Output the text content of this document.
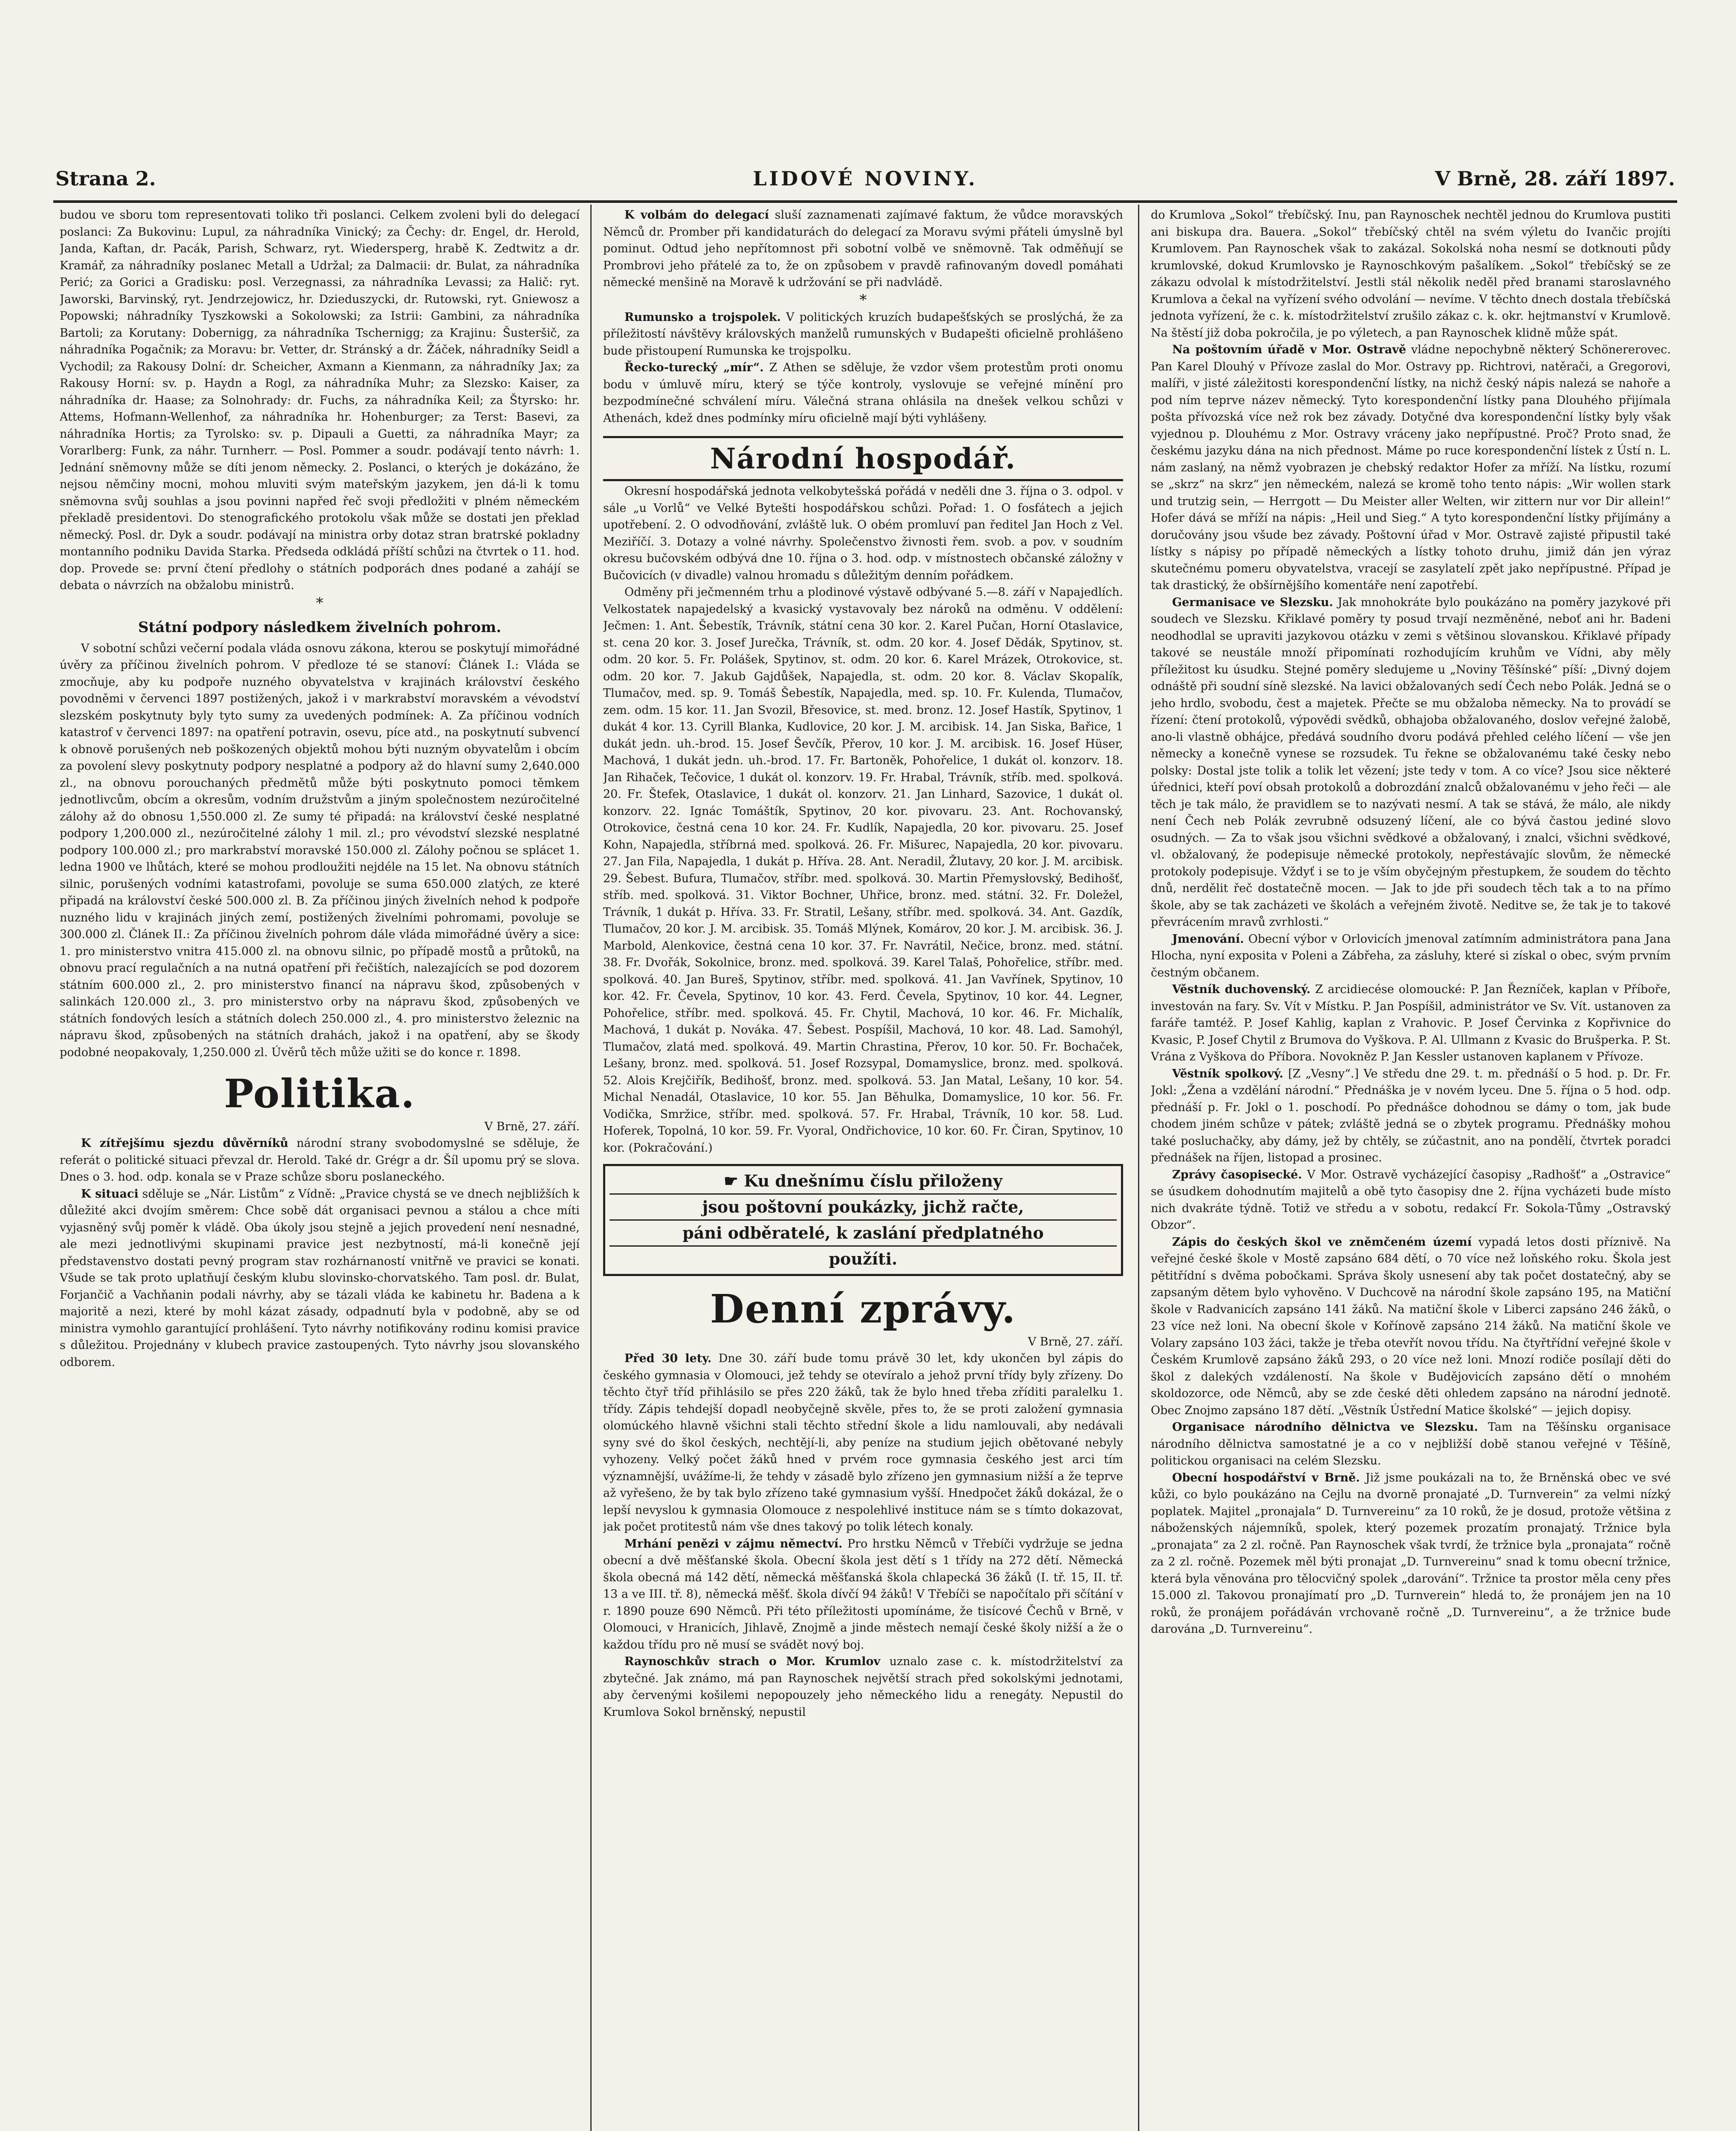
Strana 2.	LIDOVÉ NOVINY.	V Brně, 28. září 1897.

budou ve sboru tom representovati toliko tři poslanci. Celkem zvoleni byli do delegací poslanci: Za Bukovinu: Lupul, za náhradníka Vinický; za Čechy: dr. Engel, dr. Herold, Janda, Kaftan, dr. Pacák, Parish, Schwarz, ryt. Wiedersperg, hrabě K. Zedtwitz a dr. Kramář, za náhradníky poslanec Metall a Udržal; za Dalmacii: dr. Bulat, za náhradníka Perić; za Gorici a Gradisku: posl. Verzegnassi, za náhradníka Levassi; za Halič: ryt. Jaworski, Barvinský, ryt. Jendrzejowicz, hr. Dzieduszycki, dr. Rutowski, ryt. Gniewosz a Popowski; náhradníky Tyszkowski a Sokolowski; za Istrii: Gambini, za náhradníka Bartoli; za Korutany: Dobernigg, za náhradníka Tschernigg; za Krajinu: Šusteršič, za náhradníka Pogačnik; za Moravu: br. Vetter, dr. Stránský a dr. Žáček, náhradníky Seidl a Vychodil; za Rakousy Dolní: dr. Scheicher, Axmann a Kienmann, za náhradníky Jax; za Rakousy Horní: sv. p. Haydn a Rogl, za náhradníka Muhr; za Slezsko: Kaiser, za náhradníka dr. Haase; za Solnohrady: dr. Fuchs, za náhradníka Keil; za Štyrsko: hr. Attems, Hofmann-Wellenhof, za náhradníka hr. Hohenburger; za Terst: Basevi, za náhradníka Hortis; za Tyrolsko: sv. p. Dipauli a Guetti, za náhradníka Mayr; za Vorarlberg: Funk, za náhr. Turnherr. — Posl. Pommer a soudr. podávají tento návrh: 1. Jednání sněmovny může se díti jenom německy. 2. Poslanci, o kterých je dokázáno, že nejsou němčiny mocni, mohou mluviti svým mateřským jazykem, jen dá-li k tomu sněmovna svůj souhlas a jsou povinni napřed řeč svoji předložiti v plném německém překladě presidentovi. Do stenografického protokolu však může se dostati jen překlad německý. Posl. dr. Dyk a soudr. podávají na ministra orby dotaz stran bratrské pokladny montanního podniku Davida Starka. Předseda odkládá příští schůzi na čtvrtek o 11. hod. dop. Provede se: první čtení předlohy o státních podporách dnes podané a zahájí se debata o návrzích na obžalobu ministrů.

*
Státní podpory následkem živelních pohrom.

V sobotní schůzi večerní podala vláda osnovu zákona, kterou se poskytují mimořádné úvěry za příčinou živelních pohrom. V předloze té se stanoví: Článek I.: Vláda se zmocňuje, aby ku podpoře nuzného obyvatelstva v krajinách království českého povodněmi v červenci 1897 postižených, jakož i v markrabství moravském a vévodství slezském poskytnuty byly tyto sumy za uvedených podmínek: A. Za příčinou vodních katastrof v červenci 1897: na opatření potravin, osevu, píce atd., na poskytnutí subvencí k obnově porušených neb poškozených objektů mohou býti nuzným obyvatelům i obcím za povolení slevy poskytnuty podpory nesplatné a podpory až do hlavní sumy 2,640.000 zl., na obnovu porouchaných předmětů může býti poskytnuto pomoci těmkem jednotlivcům, obcím a okresům, vodním družstvům a jiným společnostem nezúročitelné zálohy až do obnosu 1,550.000 zl. Ze sumy té připadá: na království české nesplatné podpory 1,200.000 zl., nezúročitelné zálohy 1 mil. zl.; pro vévodství slezské nesplatné podpory 100.000 zl.; pro markrabství moravské 150.000 zl. Zálohy počnou se splácet 1. ledna 1900 ve lhůtách, které se mohou prodloužiti nejdéle na 15 let. Na obnovu státních silnic, porušených vodními katastrofami, povoluje se suma 650.000 zlatých, ze které připadá na království české 500.000 zl. B. Za příčinou jiných živelních nehod k podpoře nuzného lidu v krajinách jiných zemí, postižených živelními pohromami, povoluje se 300.000 zl. Článek II.: Za příčinou živelních pohrom dále vláda mimořádné úvěry a sice: 1. pro ministerstvo vnitra 415.000 zl. na obnovu silnic, po případě mostů a průtoků, na obnovu prací regulačních a na nutná opatření při řečištích, nalezajících se pod dozorem státním 600.000 zl., 2. pro ministerstvo financí na nápravu škod, způsobených v salinkách 120.000 zl., 3. pro ministerstvo orby na nápravu škod, způsobených ve státních fondových lesích a státních dolech 250.000 zl., 4. pro ministerstvo železnic na nápravu škod, způsobených na státních drahách, jakož i na opatření, aby se škody podobné neopakovaly, 1,250.000 zl. Úvěrů těch může užiti se do konce r. 1898.

Politika.
V Brně, 27. září.

K zítřejšímu sjezdu důvěrníků národní strany svobodomyslné se sděluje, že referát o politické situaci převzal dr. Herold. Také dr. Grégr a dr. Šíl upomu prý se slova. Dnes o 3. hod. odp. konala se v Praze schůze sboru poslaneckého.

K situaci sděluje se „Nár. Listům“ z Vídně: „Pravice chystá se ve dnech nejbližších k důležité akci dvojím směrem: Chce sobě dát organisaci pevnou a stálou a chce míti vyjasněný svůj poměr k vládě. Oba úkoly jsou stejně a jejich provedení není nesnadné, ale mezi jednotlivými skupinami pravice jest nezbytností, má-li konečně její představenstvo dostati pevný program stav rozhárnaností vnitřně ve pravici se konati. Všude se tak proto uplatňují českým klubu slovinsko-chorvatského. Tam posl. dr. Bulat, Forjančič a Vachňanin podali návrhy, aby se tázali vláda ke kabinetu hr. Badena a k majoritě a nezi, které by mohl kázat zásady, odpadnutí byla v podobně, aby se od ministra vymohlo garantující prohlášení. Tyto návrhy notifikovány rodinu komisi pravice s důležitou. Projednány v klubech pravice zastoupených. Tyto návrhy jsou slovanského odborem.

K volbám do delegací sluší zaznamenati zajímavé faktum, že vůdce moravských Němců dr. Promber při kandidaturách do delegací za Moravu svými přáteli úmyslně byl pominut. Odtud jeho nepřítomnost při sobotní volbě ve sněmovně. Tak odměňují se Prombrovi jeho přátelé za to, že on způsobem v pravdě rafinovaným dovedl pomáhati německé menšině na Moravě k udržování se při nadvládě.

*

Rumunsko a trojspolek. V politických kruzích budapešťských se proslýchá, že za příležitostí návštěvy královských manželů rumunských v Budapešti oficielně prohlášeno bude přistoupení Rumunska ke trojspolku.

Řecko-turecký „mír“. Z Athen se sděluje, že vzdor všem protestům proti onomu bodu v úmluvě míru, který se týče kontroly, vyslovuje se veřejné mínění pro bezpodmínečné schválení míru. Válečná strana ohlásila na dnešek velkou schůzi v Athenách, kdež dnes podmínky míru oficielně mají býti vyhlášeny.

Národní hospodář.

Okresní hospodářská jednota velkobytešská pořádá v neděli dne 3. října o 3. odpol. v sále „u Vorlů“ ve Velké Bytešti hospodářskou schůzi. Pořad: 1. O fosfátech a jejich upotřebení. 2. O odvodňování, zvláště luk. O obém promluví pan ředitel Jan Hoch z Vel. Meziříčí. 3. Dotazy a volné návrhy. Společenstvo živnosti řem. svob. a pov. v soudním okresu bučovském odbývá dne 10. října o 3. hod. odp. v místnostech občanské záložny v Bučovicích (v divadle) valnou hromadu s důležitým denním pořádkem.

Odměny při ječmenném trhu a plodinové výstavě odbývané 5.—8. září v Napajedlích. Velkostatek napajedelský a kvasický vystavovaly bez nároků na odměnu. V oddělení: Ječmen: 1. Ant. Šebestík, Trávník, státní cena 30 kor. 2. Karel Pučan, Horní Otaslavice, st. cena 20 kor. 3. Josef Jurečka, Trávník, st. odm. 20 kor. 4. Josef Dědák, Spytinov, st. odm. 20 kor. 5. Fr. Polášek, Spytinov, st. odm. 20 kor. 6. Karel Mrázek, Otrokovice, st. odm. 20 kor. 7. Jakub Gajdůšek, Napajedla, st. odm. 20 kor. 8. Václav Skopalík, Tlumačov, med. sp. 9. Tomáš Šebestík, Napajedla, med. sp. 10. Fr. Kulenda, Tlumačov, zem. odm. 15 kor. 11. Jan Svozil, Břesovice, st. med. bronz. 12. Josef Hastík, Spytinov, 1 dukát 4 kor. 13. Cyrill Blanka, Kudlovice, 20 kor. J. M. arcibisk. 14. Jan Siska, Bařice, 1 dukát jedn. uh.-brod. 15. Josef Ševčík, Přerov, 10 kor. J. M. arcibisk. 16. Josef Hüser, Machová, 1 dukát jedn. uh.-brod. 17. Fr. Bartoněk, Pohořelice, 1 dukát ol. konzorv. 18. Jan Rihaček, Tečovice, 1 dukát ol. konzorv. 19. Fr. Hrabal, Trávník, stříb. med. spolková. 20. Fr. Štefek, Otaslavice, 1 dukát ol. konzorv. 21. Jan Linhard, Sazovice, 1 dukát ol. konzorv. 22. Ignác Tomáštík, Spytinov, 20 kor. pivovaru. 23. Ant. Rochovanský, Otrokovice, čestná cena 10 kor. 24. Fr. Kudlík, Napajedla, 20 kor. pivovaru. 25. Josef Kohn, Napajedla, stříbrná med. spolková. 26. Fr. Mišurec, Napajedla, 20 kor. pivovaru. 27. Jan Fila, Napajedla, 1 dukát p. Hříva. 28. Ant. Neradil, Žlutavy, 20 kor. J. M. arcibisk. 29. Šebest. Bufura, Tlumačov, stříbr. med. spolková. 30. Martin Přemysłovský, Bedihošť, stříb. med. spolková. 31. Viktor Bochner, Uhřice, bronz. med. státní. 32. Fr. Doležel, Trávník, 1 dukát p. Hříva. 33. Fr. Stratil, Lešany, stříbr. med. spolková. 34. Ant. Gazdík, Tlumačov, 20 kor. J. M. arcibisk. 35. Tomáš Mlýnek, Komárov, 20 kor. J. M. arcibisk. 36. J. Marbold, Alenkovice, čestná cena 10 kor. 37. Fr. Navrátil, Nečice, bronz. med. státní. 38. Fr. Dvořák, Sokolnice, bronz. med. spolková. 39. Karel Talaš, Pohořelice, stříbr. med. spolková. 40. Jan Bureš, Spytinov, stříbr. med. spolková. 41. Jan Vavřínek, Spytinov, 10 kor. 42. Fr. Čevela, Spytinov, 10 kor. 43. Ferd. Čevela, Spytinov, 10 kor. 44. Legner, Pohořelice, stříbr. med. spolková. 45. Fr. Chytil, Machová, 10 kor. 46. Fr. Michalík, Machová, 1 dukát p. Nováka. 47. Šebest. Pospíšil, Machová, 10 kor. 48. Lad. Samohýl, Tlumačov, zlatá med. spolková. 49. Martin Chrastina, Přerov, 10 kor. 50. Fr. Bochaček, Lešany, bronz. med. spolková. 51. Josef Rozsypal, Domamyslice, bronz. med. spolková. 52. Alois Krejčiřík, Bedihošť, bronz. med. spolková. 53. Jan Matal, Lešany, 10 kor. 54. Michal Nenadál, Otaslavice, 10 kor. 55. Jan Běhulka, Domamyslice, 10 kor. 56. Fr. Vodička, Smržice, stříbr. med. spolková. 57. Fr. Hrabal, Trávník, 10 kor. 58. Lud. Hoferek, Topolná, 10 kor. 59. Fr. Vyoral, Ondřichovice, 10 kor. 60. Fr. Čiran, Spytinov, 10 kor. (Pokračování.)

☛ Ku dnešnímu číslu přiloženy
jsou poštovní poukázky, jichž račte,
páni odběratelé, k zaslání předplatného
použíti.
Denní zprávy.
V Brně, 27. září.

Před 30 lety. Dne 30. září bude tomu právě 30 let, kdy ukončen byl zápis do českého gymnasia v Olomouci, jež tehdy se otevíralo a jehož první třídy byly zřízeny. Do těchto čtyř tříd přihlásilo se přes 220 žáků, tak že bylo hned třeba zříditi paralelku 1. třídy. Zápis tehdejší dopadl neobyčejně skvěle, přes to, že se proti založení gymnasia olomúckého hlavně všichni stali těchto střední škole a lidu namlouvali, aby nedávali syny své do škol českých, nechtějí-li, aby peníze na studium jejich obětované nebyly vyhozeny. Velký počet žáků hned v prvém roce gymnasia českého jest arci tím významnější, uvážíme-li, že tehdy v zásadě bylo zřízeno jen gymnasium nižší a že teprve až vyřešeno, že by tak bylo zřízeno také gymnasium vyšší. Hnedpočet žáků dokázal, že o lepší nevyslou k gymnasia Olomouce z nespolehlivé instituce nám se s tímto dokazovat, jak počet protitestů nám vše dnes takový po tolik létech konaly.

Mrhání penězi v zájmu němectví. Pro hrstku Němců v Třebíči vydržuje se jedna obecní a dvě měšťanské škola. Obecní škola jest dětí s 1 třídy na 272 dětí. Německá škola obecná má 142 dětí, německá měšťanská škola chlapecká 36 žáků (I. tř. 15, II. tř. 13 a ve III. tř. 8), německá měšť. škola dívčí 94 žáků! V Třebíči se napočítalo při sčítání v r. 1890 pouze 690 Němců. Při této příležitosti upomínáme, že tisícové Čechů v Brně, v Olomouci, v Hranicích, Jihlavě, Znojmě a jinde městech nemají české školy nižší a že o každou třídu pro ně musí se svádět nový boj.

Raynoschkův strach o Mor. Krumlov uznalo zase c. k. místodržitelství za zbytečné. Jak známo, má pan Raynoschek největší strach před sokolskými jednotami, aby červenými košilemi nepopouzely jeho německého lidu a renegáty. Nepustil do Krumlova Sokol brněnský, nepustil

do Krumlova „Sokol“ třebíčský. Inu, pan Raynoschek nechtěl jednou do Krumlova pustiti ani biskupa dra. Bauera. „Sokol“ třebíčský chtěl na svém výletu do Ivančic projíti Krumlovem. Pan Raynoschek však to zakázal. Sokolská noha nesmí se dotknouti půdy krumlovské, dokud Krumlovsko je Raynoschkovým pašalíkem. „Sokol“ třebíčský se ze zákazu odvolal k místodržitelství. Jestli stál několik neděl před branami staroslavného Krumlova a čekal na vyřízení svého odvolání — nevíme. V těchto dnech dostala třebíčská jednota vyřízení, že c. k. místodržitelství zrušilo zákaz c. k. okr. hejtmanství v Krumlově. Na štěstí již doba pokročila, je po výletech, a pan Raynoschek klidně může spát.

Na poštovním úřadě v Mor. Ostravě vládne nepochybně některý Schönererovec. Pan Karel Dlouhý v Přívoze zaslal do Mor. Ostravy pp. Richtrovi, natěrači, a Gregorovi, malíři, v jisté záležitosti korespondenční lístky, na nichž český nápis nalezá se nahoře a pod ním teprve název německý. Tyto korespondenční lístky pana Dlouhého přijímala pošta přívozská více než rok bez závady. Dotyčné dva korespondenční lístky byly však vyjednou p. Dlouhému z Mor. Ostravy vráceny jako nepřípustné. Proč? Proto snad, že českému jazyku dána na nich přednost. Máme po ruce korespondenční lístek z Ústí n. L. nám zaslaný, na němž vyobrazen je chebský redaktor Hofer za mříží. Na lístku, rozumí se „skrz“ na skrz“ jen německém, nalezá se kromě toho tento nápis: „Wir wollen stark und trutzig sein, — Herrgott — Du Meister aller Welten, wir zittern nur vor Dir allein!“ Hofer dává se mříží na nápis: „Heil und Sieg.“ A tyto korespondenční lístky přijímány a doručovány jsou všude bez závady. Poštovní úřad v Mor. Ostravě zajisté připustil také lístky s nápisy po případě německých a lístky tohoto druhu, jimiž dán jen výraz skutečnému pomeru obyvatelstva, vracejí se zasylatelí zpět jako nepřípustné. Případ je tak drastický, že obšírnějšího komentáře není zapotřebí.

Germanisace ve Slezsku. Jak mnohokráte bylo poukázáno na poměry jazykové při soudech ve Slezsku. Křiklavé poměry ty posud trvají nezměněné, neboť ani hr. Badeni neodhodlal se upraviti jazykovou otázku v zemi s většinou slovanskou. Křiklavé případy takové se neustále množí připomínati rozhodujícím kruhům ve Vídni, aby měly příležitost ku úsudku. Stejné poměry sledujeme u „Noviny Těšínské“ píší: „Divný dojem odnáště při soudní síně slezské. Na lavici obžalovaných sedí Čech nebo Polák. Jedná se o jeho hrdlo, svobodu, čest a majetek. Přečte se mu obžaloba německy. Na to provádí se řízení: čtení protokolů, výpovědi svědků, obhajoba obžalovaného, doslov veřejné žalobě, ano-li vlastně obhájce, předává soudního dvoru podává přehled celého líčení — vše jen německy a konečně vynese se rozsudek. Tu řekne se obžalovanému také česky nebo polsky: Dostal jste tolik a tolik let vězení; jste tedy v tom. A co více? Jsou sice některé úřednici, kteří poví obsah protokolů a dobrozdání znalců obžalovanému v jeho řeči — ale těch je tak málo, že pravidlem se to nazývati nesmí. A tak se stává, že málo, ale nikdy není Čech neb Polák zevrubně odsuzený líčení, ale co bývá častou jediné slovo osudných. — Za to však jsou všichni svědkové a obžalovaný, i znalci, všichni svědkové, vl. obžalovaný, že podepisuje německé protokoly, nepřestávajíc slovům, že německé protokoly podepisuje. Vždyť i se to je vším obyčejným přestupkem, že soudem do těchto dnů, nerdělit řeč dostatečně mocen. — Jak to jde při soudech těch tak a to na přímo škole, aby se tak zacházeti ve školách a veřejném životě. Neditve se, že tak je to takové převrácením mravů zvrhlosti.“

Jmenování. Obecní výbor v Orlovicích jmenoval zatímním administrátora pana Jana Hlocha, nyní exposita v Poleni a Zábřeha, za zásluhy, které si získal o obec, svým prvním čestným občanem.

Věstník duchovenský. Z arcidiecése olomoucké: P. Jan Řezníček, kaplan v Příboře, investován na fary. Sv. Vít v Místku. P. Jan Pospíšil, administrátor ve Sv. Vít. ustanoven za faráře tamtéž. P. Josef Kahlig, kaplan z Vrahovic. P. Josef Červinka z Kopřivnice do Kvasic, P. Josef Chytil z Brumova do Vyškova. P. Al. Ullmann z Kvasic do Brušperka. P. St. Vrána z Vyškova do Příbora. Novokněz P. Jan Kessler ustanoven kaplanem v Přívoze.

Věstník spolkový. [Z „Vesny“.] Ve středu dne 29. t. m. přednáší o 5 hod. p. Dr. Fr. Jokl: „Žena a vzdělání národní.“ Přednáška je v novém lyceu. Dne 5. října o 5 hod. odp. přednáší p. Fr. Jokl o 1. poschodí. Po přednášce dohodnou se dámy o tom, jak bude chodem jiném schůze v pátek; zvláště jedná se o zbytek programu. Přednášky mohou také posluchačky, aby dámy, jež by chtěly, se zúčastnit, ano na pondělí, čtvrtek poradci přednášek na říjen, listopad a prosinec.

Zprávy časopisecké. V Mor. Ostravě vycházející časopisy „Radhošť“ a „Ostravice“ se úsudkem dohodnutím majitelů a obě tyto časopisy dne 2. října vycházeti bude místo nich dvakráte týdně. Totiž ve středu a v sobotu, redakcí Fr. Sokola-Tůmy „Ostravský Obzor“.

Zápis do českých škol ve zněmčeném území vypadá letos dosti příznivě. Na veřejné české škole v Mostě zapsáno 684 dětí, o 70 více než loňského roku. Škola jest pětitřídní s dvěma pobočkami. Správa školy usnesení aby tak počet dostatečný, aby se zapsaným dětem bylo vyhověno. V Duchcově na národní škole zapsáno 195, na Matiční škole v Radvanicích zapsáno 141 žáků. Na matiční škole v Liberci zapsáno 246 žáků, o 23 více než loni. Na obecní škole v Kořínově zapsáno 214 žáků. Na matiční škole ve Volary zapsáno 103 žáci, takže je třeba otevřít novou třídu. Na čtyřtřídní veřejné škole v Českém Krumlově zapsáno žáků 293, o 20 více než loni. Mnozí rodiče posílají děti do škol z dalekých vzdáleností. Na škole v Budějovicích zapsáno dětí o mnohém skoldozorce, ode Němců, aby se zde české děti ohledem zapsáno na národní jednotě. Obec Znojmo zapsáno 187 dětí. „Věstník Ústřední Matice školské“ — jejich dopisy.

Organisace národního dělnictva ve Slezsku. Tam na Těšínsku organisace národního dělnictva samostatné je a co v nejbližší době stanou veřejné v Těšíně, politickou organisaci na celém Slezsku.

Obecní hospodářství v Brně. Již jsme poukázali na to, že Brněnská obec ve své kůži, co bylo poukázáno na Cejlu na dvorně pronajaté „D. Turnverein“ za velmi nízký poplatek. Majitel „pronajala“ D. Turnvereinu“ za 10 roků, že je dosud, protože většina z náboženských nájemníků, spolek, který pozemek prozatím pronajatý. Tržnice byla „pronajata“ za 2 zl. ročně. Pan Raynoschek však tvrdí, že tržnice byla „pronajata“ ročně za 2 zl. ročně. Pozemek měl býti pronajat „D. Turnvereinu“ snad k tomu obecní tržnice, která byla věnována pro tělocvičný spolek „darování“. Tržnice ta prostor měla ceny přes 15.000 zl. Takovou pronajímatí pro „D. Turnverein“ hledá to, že pronájem jen na 10 roků, že pronájem pořádáván vrchovaně ročně „D. Turnvereinu“, a že tržnice bude darována „D. Turnvereinu“.
